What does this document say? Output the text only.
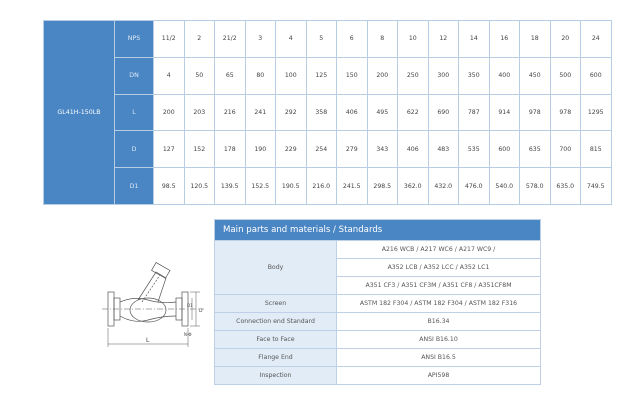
GL41H-150LB	NPS	11/2	2	21/2	3	4	5	6	8	10	12	14	16	18	20	24
	DN	4	50	65	80	100	125	150	200	250	300	350	400	450	500	600
	L	200	203	216	241	292	358	406	495	622	690	787	914	978	978	1295
	D	127	152	178	190	229	254	279	343	406	483	535	600	635	700	815
	D1	98.5	120.5	139.5	152.5	190.5	216.0	241.5	298.5	362.0	432.0	476.0	540.0	578.0	635.0	749.5
L
D
D1
N-Φ
Main parts and materials / Standards	
Body	A216 WCB / A217 WC6 / A217 WC9 /
	A352 LCB / A352 LCC / A352 LC1
	A351 CF3 / A351 CF3M / A351 CF8 / A351CF8M
Screen	ASTM 182 F304 / ASTM 182 F304 / ASTM 182 F316
Connection end Standard	B16.34
Face to Face	ANSI B16.10
Flange End	ANSI B16.5
Inspection	API598
